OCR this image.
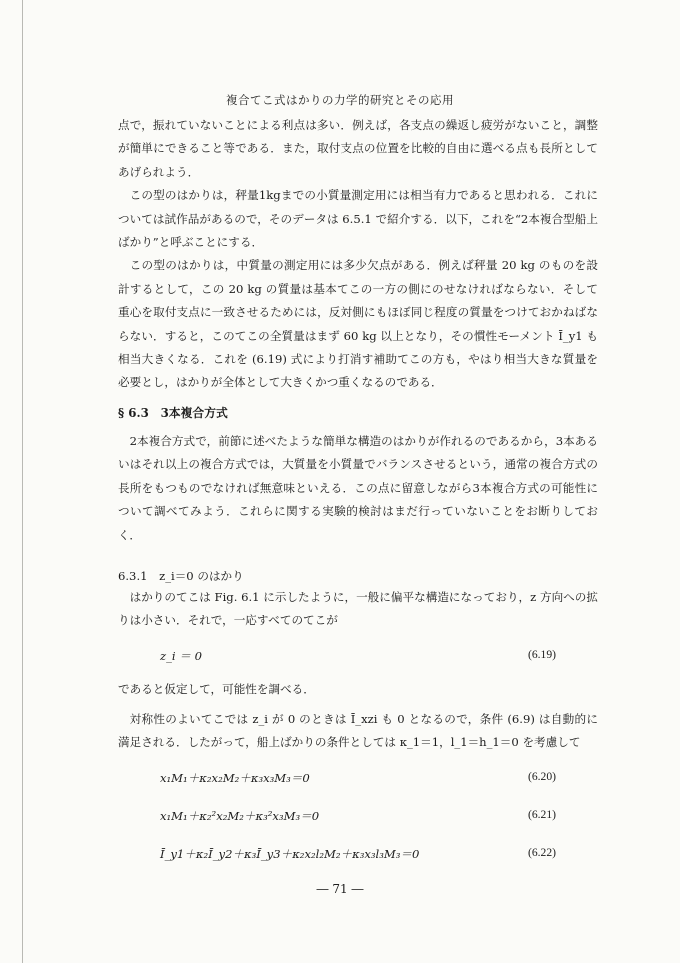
複合てこ式はかりの力学的研究とその応用

点で，振れていないことによる利点は多い．例えば，各支点の繰返し疲労がないこと，調整が簡単にできること等である．また，取付支点の位置を比較的自由に選べる点も長所としてあげられよう．

この型のはかりは，秤量1kgまでの小質量測定用には相当有力であると思われる．これについては試作品があるので，そのデータは 6.5.1 で紹介する．以下，これを“2本複合型船上ばかり”と呼ぶことにする．

この型のはかりは，中質量の測定用には多少欠点がある．例えば秤量 20 kg のものを設計するとして，この 20 kg の質量は基本てこの一方の側にのせなければならない．そして重心を取付支点に一致させるためには，反対側にもほぼ同じ程度の質量をつけておかねばならない．すると，このてこの全質量はまず 60 kg 以上となり，その慣性モーメント Ī_y1 も相当大きくなる．これを (6.19) 式により打消す補助てこの方も，やはり相当大きな質量を必要とし，はかりが全体として大きくかつ重くなるのである．

§ 6.3　3本複合方式

2本複合方式で，前節に述べたような簡単な構造のはかりが作れるのであるから，3本あるいはそれ以上の複合方式では，大質量を小質量でバランスさせるという，通常の複合方式の長所をもつものでなければ無意味といえる．この点に留意しながら3本複合方式の可能性について調べてみよう．これらに関する実験的検討はまだ行っていないことをお断りしておく．

6.3.1　z_i＝0 のはかり

はかりのてこは Fig. 6.1 に示したように，一般に偏平な構造になっており，z 方向への拡りは小さい．それで，一応すべてのてこが

z_i ＝ 0	(6.19)

であると仮定して，可能性を調べる．

対称性のよいてこでは z_i が 0 のときは Ī_xzi も 0 となるので，条件 (6.9) は自動的に満足される．したがって，船上ばかりの条件としては κ_1＝1，l_1＝h_1＝0 を考慮して

x₁M₁＋κ₂x₂M₂＋κ₃x₃M₃＝0	(6.20)
x₁M₁＋κ₂²x₂M₂＋κ₃²x₃M₃＝0	(6.21)
Ī_y1＋κ₂Ī_y2＋κ₃Ī_y3＋κ₂x₂l₂M₂＋κ₃x₃l₃M₃＝0	(6.22)
― 71 ―
